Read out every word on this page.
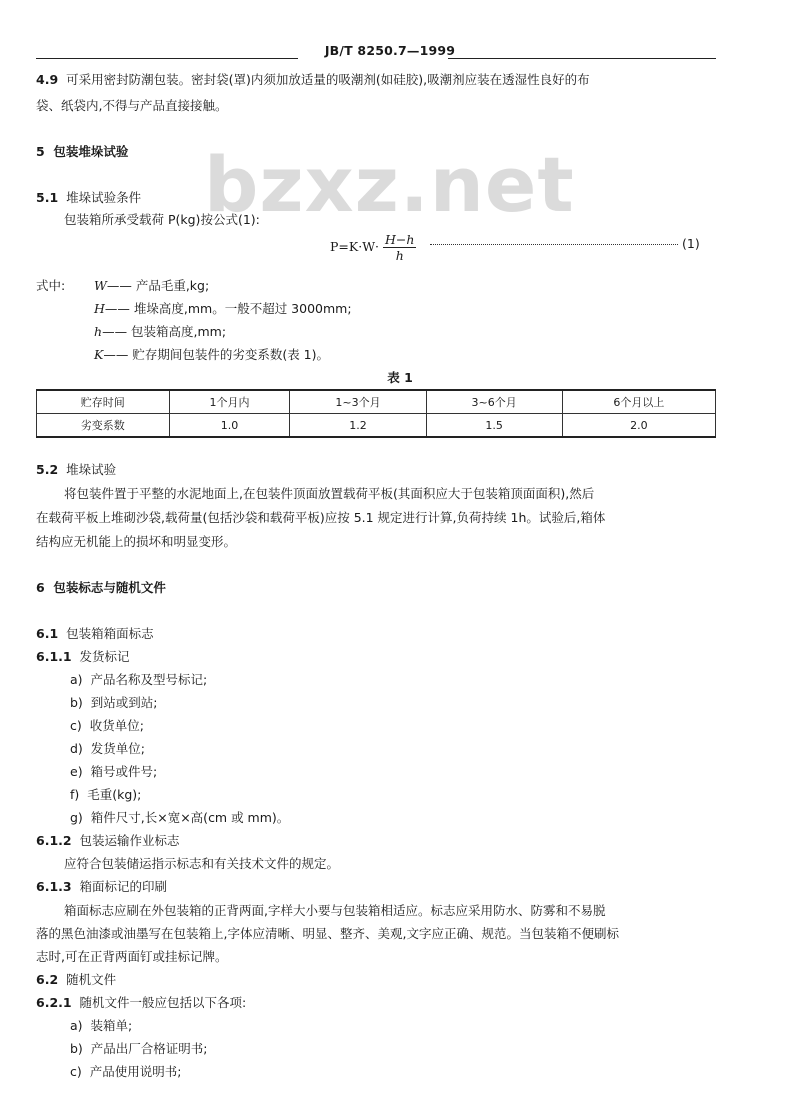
JB/T 8250.7—1999
bzxz.net
4.9 可采用密封防潮包装。密封袋(罩)内须加放适量的吸潮剂(如硅胶),吸潮剂应装在透湿性良好的布
袋、纸袋内,不得与产品直接接触。
5 包装堆垛试验
5.1 堆垛试验条件
包装箱所承受载荷 P(kg)按公式(1):
$P=K\cdot W\cdot \frac{H-h}{h}$	(1)
式中: W—— 产品毛重,kg;
H—— 堆垛高度,mm。一般不超过 3000mm;
h—— 包装箱高度,mm;
K—— 贮存期间包装件的劣变系数(表 1)。
表 1
贮存时间	1个月内	1~3个月	3~6个月	6个月以上
劣变系数	1.0	1.2	1.5	2.0
5.2 堆垛试验
将包装件置于平整的水泥地面上,在包装件顶面放置载荷平板(其面积应大于包装箱顶面面积),然后
在载荷平板上堆砌沙袋,载荷量(包括沙袋和载荷平板)应按 5.1 规定进行计算,负荷持续 1h。试验后,箱体
结构应无机能上的损坏和明显变形。
6 包装标志与随机文件
6.1 包装箱箱面标志
6.1.1 发货标记
a) 产品名称及型号标记;
b) 到站或到站;
c) 收货单位;
d) 发货单位;
e) 箱号或件号;
f) 毛重(kg);
g) 箱件尺寸,长×宽×高(cm 或 mm)。
6.1.2 包装运输作业标志
应符合包装储运指示标志和有关技术文件的规定。
6.1.3 箱面标记的印刷
箱面标志应刷在外包装箱的正背两面,字样大小要与包装箱相适应。标志应采用防水、防雾和不易脱
落的黑色油漆或油墨写在包装箱上,字体应清晰、明显、整齐、美观,文字应正确、规范。当包装箱不便刷标
志时,可在正背两面钉或挂标记牌。
6.2 随机文件
6.2.1 随机文件一般应包括以下各项:
a) 装箱单;
b) 产品出厂合格证明书;
c) 产品使用说明书;
